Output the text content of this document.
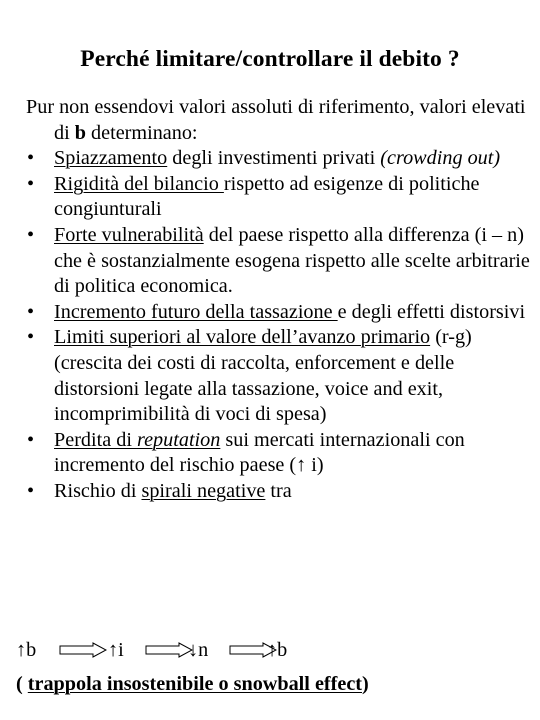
Perché limitare/controllare il debito ?
Pur non essendovi valori assoluti di riferimento, valori elevati di b determinano:
• Spiazzamento degli investimenti privati (crowding out)
• Rigidità del bilancio rispetto ad esigenze di politiche congiunturali
• Forte vulnerabilità del paese rispetto alla differenza (i – n) che è sostanzialmente esogena rispetto alle scelte arbitrarie di politica economica.
• Incremento futuro della tassazione e degli effetti distorsivi
• Limiti superiori al valore dell’avanzo primario (r-g) (crescita dei costi di raccolta, enforcement e delle distorsioni legate alla tassazione, voice and exit, incomprimibilità di voci di spesa)
• Perdita di reputation sui mercati internazionali con incremento del rischio paese (↑ i)
• Rischio di spirali negative tra
↑b	↑i	↓n	↑b
( trappola insostenibile o snowball effect)
